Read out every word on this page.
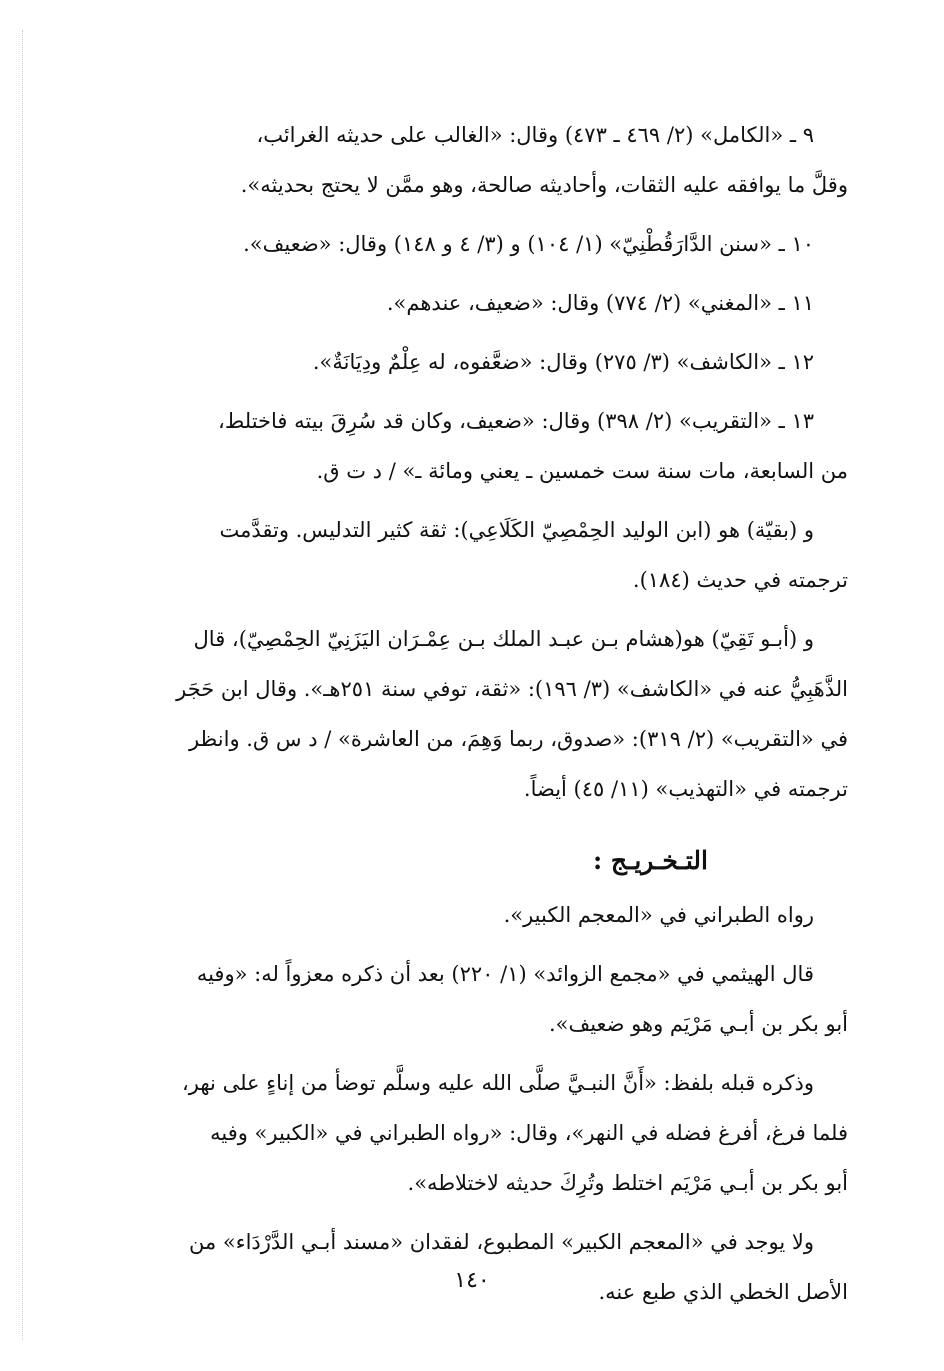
٩ ـ «الكامل» (٢/ ٤٦٩ ـ ٤٧٣) وقال: «الغالب على حديثه الغرائب،
وقلَّ ما يوافقه عليه الثقات، وأحاديثه صالحة، وهو ممَّن لا يحتج بحديثه».
١٠ ـ «سنن الدَّارَقُطْنِيّ» (١/ ١٠٤) و (٣/ ٤ و ١٤٨) وقال: «ضعيف».
١١ ـ «المغني» (٢/ ٧٧٤) وقال: «ضعيف، عندهم».
١٢ ـ «الكاشف» (٣/ ٢٧٥) وقال: «ضعَّفوه، له عِلْمٌ ودِيَانَةٌ».
١٣ ـ «التقريب» (٢/ ٣٩٨) وقال: «ضعيف، وكان قد سُرِقَ بيته فاختلط،
من السابعة، مات سنة ست خمسين ـ يعني ومائة ـ» / د ت ق.
و (بقيّة) هو (ابن الوليد الحِمْصِيّ الكَلَاعِي): ثقة كثير التدليس. وتقدَّمت
ترجمته في حديث (١٨٤).
و (أبـو تَقِيّ) هو(هشام بـن عبـد الملك بـن عِمْـرَان اليَزَنِيّ الحِمْصِيّ)، قال
الذَّهَبِيُّ عنه في «الكاشف» (٣/ ١٩٦): «ثقة، توفي سنة ٢٥١هـ». وقال ابن حَجَر
في «التقريب» (٢/ ٣١٩): «صدوق، ربما وَهِمَ، من العاشرة» / د س ق. وانظر
ترجمته في «التهذيب» (١١/ ٤٥) أيضاً.
التـخـريـج :
رواه الطبراني في «المعجم الكبير».
قال الهيثمي في «مجمع الزوائد» (١/ ٢٢٠) بعد أن ذكره معزواً له: «وفيه
أبو بكر بن أبـي مَرْيَم وهو ضعيف».
وذكره قبله بلفظ: «أَنَّ النبـيَّ صلَّى الله عليه وسلَّم توضأ من إناءٍ على نهر،
فلما فرغ، أفرغ فضله في النهر»، وقال: «رواه الطبراني في «الكبير» وفيه
أبو بكر بن أبـي مَرْيَم اختلط وتُرِكَ حديثه لاختلاطه».
ولا يوجد في «المعجم الكبير» المطبوع، لفقدان «مسند أبـي الدَّرْدَاء» من
الأصل الخطي الذي طبع عنه.
١٤٠
